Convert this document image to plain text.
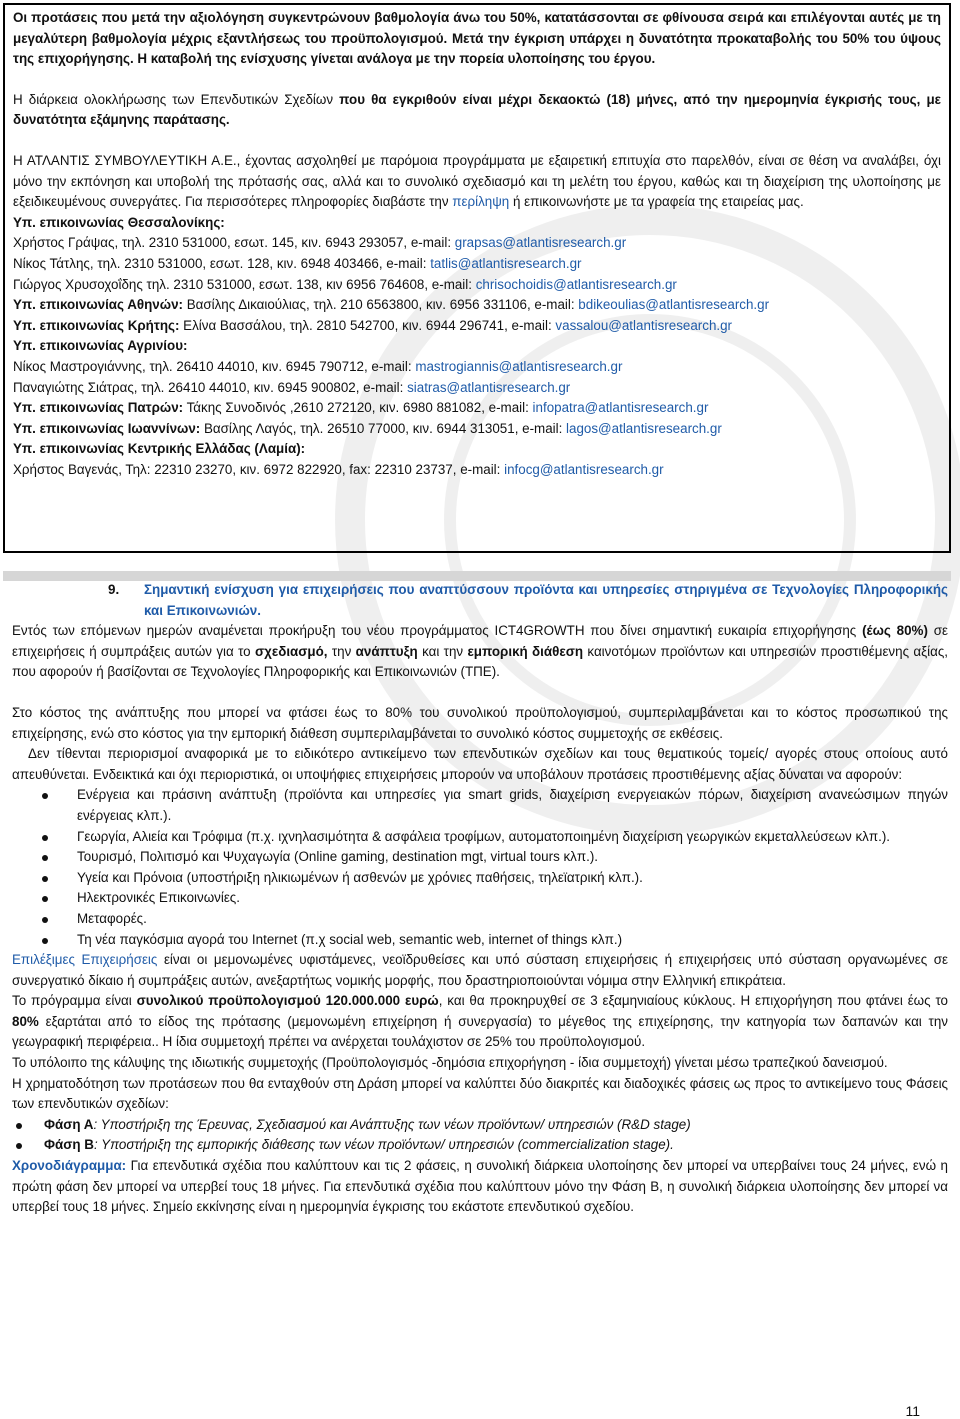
Οι προτάσεις που μετά την αξιολόγηση συγκεντρώνουν βαθμολογία άνω του 50%, κατατάσσονται σε φθίνουσα σειρά και επιλέγονται αυτές με τη μεγαλύτερη βαθμολογία μέχρις εξαντλήσεως του προϋπολογισμού. Μετά την έγκριση υπάρχει η δυνατότητα προκαταβολής του 50% του ύψους της επιχορήγησης. Η καταβολή της ενίσχυσης γίνεται ανάλογα με την πορεία υλοποίησης του έργου.

Η διάρκεια ολοκλήρωσης των Επενδυτικών Σχεδίων που θα εγκριθούν είναι μέχρι δεκαοκτώ (18) μήνες, από την ημερομηνία έγκρισής τους, με δυνατότητα εξάμηνης παράτασης.

Η ΑΤΛΑΝΤΙΣ ΣΥΜΒΟΥΛΕΥΤΙΚΗ Α.Ε., έχοντας ασχοληθεί με παρόμοια προγράμματα με εξαιρετική επιτυχία στο παρελθόν, είναι σε θέση να αναλάβει, όχι μόνο την εκπόνηση και υποβολή της πρότασής σας, αλλά και το συνολικό σχεδιασμό και τη μελέτη του έργου, καθώς και τη διαχείριση της υλοποίησης με εξειδικευμένους συνεργάτες. Για περισσότερες πληροφορίες διαβάστε την περίληψη ή επικοινωνήστε με τα γραφεία της εταιρείας μας.

Υπ. επικοινωνίας Θεσσαλονίκης:

Χρήστος Γράψας, τηλ. 2310 531000, εσωτ. 145, κιν. 6943 293057, e-mail: grapsas@atlantisresearch.gr

Νίκος Τάτλης, τηλ. 2310 531000, εσωτ. 128, κιν. 6948 403466, e-mail: tatlis@atlantisresearch.gr

Γιώργος Χρυσοχοΐδης τηλ. 2310 531000, εσωτ. 138, κιν 6956 764608, e-mail: chrisochoidis@atlantisresearch.gr

Υπ. επικοινωνίας Αθηνών: Βασίλης Δικαιούλιας, τηλ. 210 6563800, κιν. 6956 331106, e-mail: bdikeoulias@atlantisresearch.gr

Υπ. επικοινωνίας Κρήτης: Ελίνα Βασσάλου, τηλ. 2810 542700, κιν. 6944 296741, e-mail: vassalou@atlantisresearch.gr

Υπ. επικοινωνίας Αγρινίου:

Νίκος Μαστρογιάννης, τηλ. 26410 44010, κιν. 6945 790712, e-mail: mastrogiannis@atlantisresearch.gr

Παναγιώτης Σιάτρας, τηλ. 26410 44010, κιν. 6945 900802, e-mail: siatras@atlantisresearch.gr

Υπ. επικοινωνίας Πατρών: Τάκης Συνοδινός ,2610 272120, κιν. 6980 881082, e-mail: infopatra@atlantisresearch.gr

Υπ. επικοινωνίας Ιωαννίνων: Βασίλης Λαγός, τηλ. 26510 77000, κιν. 6944 313051, e-mail: lagos@atlantisresearch.gr

Υπ. επικοινωνίας Κεντρικής Ελλάδας (Λαμία):

Χρήστος Βαγενάς, Τηλ: 22310 23270, κιν. 6972 822920, fax: 22310 23737, e-mail: infocg@atlantisresearch.gr

9.	Σημαντική ενίσχυση για επιχειρήσεις που αναπτύσσουν προϊόντα και υπηρεσίες στηριγμένα σε Τεχνολογίες Πληροφορικής και Επικοινωνιών.

Εντός των επόμενων ημερών αναμένεται προκήρυξη του νέου προγράμματος ICT4GROWTH που δίνει σημαντική ευκαιρία επιχορήγησης (έως 80%) σε επιχειρήσεις ή συμπράξεις αυτών για το σχεδιασμό, την ανάπτυξη και την εμπορική διάθεση καινοτόμων προϊόντων και υπηρεσιών προστιθέμενης αξίας, που αφορούν ή βασίζονται σε Τεχνολογίες Πληροφορικής και Επικοινωνιών (ΤΠΕ).

Στο κόστος της ανάπτυξης που μπορεί να φτάσει έως το 80% του συνολικού προϋπολογισμού, συμπεριλαμβάνεται και το κόστος προσωπικού της επιχείρησης, ενώ στο κόστος για την εμπορική διάθεση συμπεριλαμβάνεται το συνολικό κόστος συμμετοχής σε εκθέσεις.

Δεν τίθενται περιορισμοί αναφορικά με το ειδικότερο αντικείμενο των επενδυτικών σχεδίων και τους θεματικούς τομείς/ αγορές στους οποίους αυτό απευθύνεται. Ενδεικτικά και όχι περιοριστικά, οι υποψήφιες επιχειρήσεις μπορούν να υποβάλουν προτάσεις προστιθέμενης αξίας δύναται να αφορούν:

Ενέργεια και πράσινη ανάπτυξη (προϊόντα και υπηρεσίες για smart grids, διαχείριση ενεργειακών πόρων, διαχείριση ανανεώσιμων πηγών ενέργειας κλπ.).
Γεωργία, Αλιεία και Τρόφιμα (π.χ. ιχνηλασιμότητα & ασφάλεια τροφίμων, αυτοματοποιημένη διαχείριση γεωργικών εκμεταλλεύσεων κλπ.).
Τουρισμό, Πολιτισμό και Ψυχαγωγία (Online gaming, destination mgt, virtual tours κλπ.).
Υγεία και Πρόνοια (υποστήριξη ηλικιωμένων ή ασθενών με χρόνιες παθήσεις, τηλεϊατρική κλπ.).
Ηλεκτρονικές Επικοινωνίες.
Μεταφορές.
Τη νέα παγκόσμια αγορά του Internet (π.χ social web, semantic web, internet of things κλπ.)

Επιλέξιμες Επιχειρήσεις είναι οι μεμονωμένες υφιστάμενες, νεοϊδρυθείσες και υπό σύσταση επιχειρήσεις ή επιχειρήσεις υπό σύσταση οργανωμένες σε συνεργατικό δίκαιο ή συμπράξεις αυτών, ανεξαρτήτως νομικής μορφής, που δραστηριοποιούνται νόμιμα στην Ελληνική επικράτεια.

Το πρόγραμμα είναι συνολικού προϋπολογισμού 120.000.000 ευρώ, και θα προκηρυχθεί σε 3 εξαμηνιαίους κύκλους. Η επιχορήγηση που φτάνει έως το 80% εξαρτάται από το είδος της πρότασης (μεμονωμένη επιχείρηση ή συνεργασία) το μέγεθος της επιχείρησης, την κατηγορία των δαπανών και την γεωγραφική περιφέρεια.. Η ίδια συμμετοχή πρέπει να ανέρχεται τουλάχιστον σε 25% του προϋπολογισμού.

Το υπόλοιπο της κάλυψης της ιδιωτικής συμμετοχής (Προϋπολογισμός -δημόσια επιχορήγηση - ίδια συμμετοχή) γίνεται μέσω τραπεζικού δανεισμού.

Η χρηματοδότηση των προτάσεων που θα ενταχθούν στη Δράση μπορεί να καλύπτει δύο διακριτές και διαδοχικές φάσεις ως προς το αντικείμενο τους Φάσεις των επενδυτικών σχεδίων:

Φάση Α: Υποστήριξη της Έρευνας, Σχεδιασμού και Ανάπτυξης των νέων προϊόντων/ υπηρεσιών (R&D stage)
Φάση Β: Υποστήριξη της εμπορικής διάθεσης των νέων προϊόντων/ υπηρεσιών (commercialization stage).

Χρονοδιάγραμμα: Για επενδυτικά σχέδια που καλύπτουν και τις 2 φάσεις, η συνολική διάρκεια υλοποίησης δεν μπορεί να υπερβαίνει τους 24 μήνες, ενώ η πρώτη φάση δεν μπορεί να υπερβεί τους 18 μήνες. Για επενδυτικά σχέδια που καλύπτουν μόνο την Φάση Β, η συνολική διάρκεια υλοποίησης δεν μπορεί να υπερβεί τους 18 μήνες. Σημείο εκκίνησης είναι η ημερομηνία έγκρισης του εκάστοτε επενδυτικού σχεδίου.

11
